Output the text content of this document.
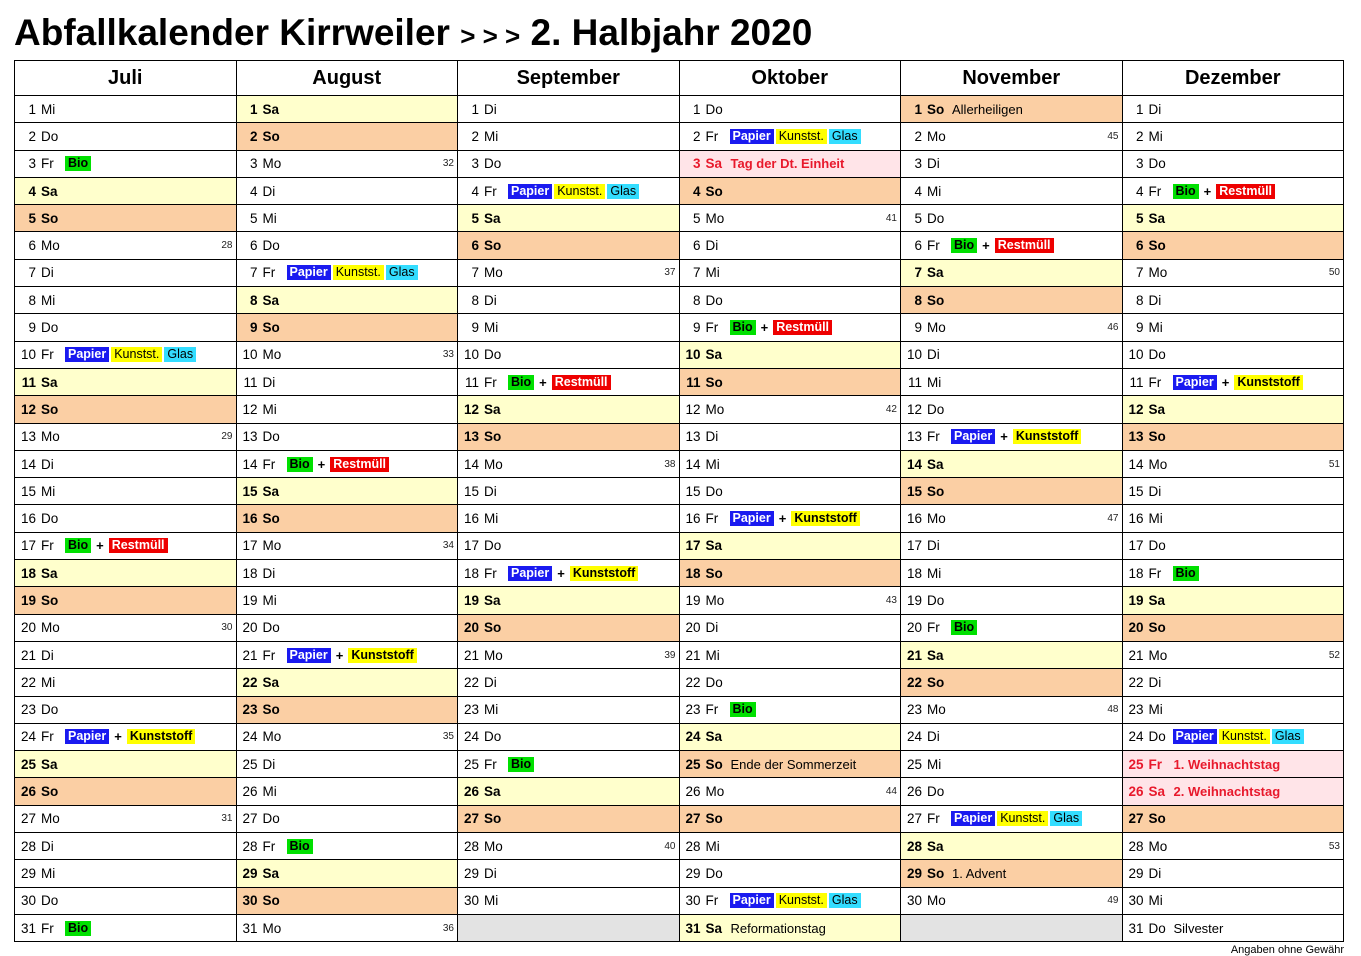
Abfallkalender Kirrweiler > > > 2. Halbjahr 2020
Juli	August	September	Oktober	November	Dezember

1 Mi	1 Sa	1 Di	1 Do	1 So Allerheiligen	1 Di

2 Do	2 So	2 Mi	2 Fr Papier Kunstst. Glas	2 Mo 45	2 Mi

3 Fr Bio	3 Mo 32	3 Do	3 Sa Tag der Dt. Einheit	3 Di	3 Do

4 Sa	4 Di	4 Fr Papier Kunstst. Glas	4 So	4 Mi	4 Fr Bio + Restmüll

5 So	5 Mi	5 Sa	5 Mo 41	5 Do	5 Sa

6 Mo 28	6 Do	6 So	6 Di	6 Fr Bio + Restmüll	6 So

7 Di	7 Fr Papier Kunstst. Glas	7 Mo 37	7 Mi	7 Sa	7 Mo 50

8 Mi	8 Sa	8 Di	8 Do	8 So	8 Di

9 Do	9 So	9 Mi	9 Fr Bio + Restmüll	9 Mo 46	9 Mi

10 Fr Papier Kunstst. Glas	10 Mo 33	10 Do	10 Sa	10 Di	10 Do

11 Sa	11 Di	11 Fr Bio + Restmüll	11 So	11 Mi	11 Fr Papier + Kunststoff

12 So	12 Mi	12 Sa	12 Mo 42	12 Do	12 Sa

13 Mo 29	13 Do	13 So	13 Di	13 Fr Papier + Kunststoff	13 So

14 Di	14 Fr Bio + Restmüll	14 Mo 38	14 Mi	14 Sa	14 Mo 51

15 Mi	15 Sa	15 Di	15 Do	15 So	15 Di

16 Do	16 So	16 Mi	16 Fr Papier + Kunststoff	16 Mo 47	16 Mi

17 Fr Bio + Restmüll	17 Mo 34	17 Do	17 Sa	17 Di	17 Do

18 Sa	18 Di	18 Fr Papier + Kunststoff	18 So	18 Mi	18 Fr Bio

19 So	19 Mi	19 Sa	19 Mo 43	19 Do	19 Sa

20 Mo 30	20 Do	20 So	20 Di	20 Fr Bio	20 So

21 Di	21 Fr Papier + Kunststoff	21 Mo 39	21 Mi	21 Sa	21 Mo 52

22 Mi	22 Sa	22 Di	22 Do	22 So	22 Di

23 Do	23 So	23 Mi	23 Fr Bio	23 Mo 48	23 Mi

24 Fr Papier + Kunststoff	24 Mo 35	24 Do	24 Sa	24 Di	24 Do Papier Kunstst. Glas

25 Sa	25 Di	25 Fr Bio	25 So Ende der Sommerzeit	25 Mi	25 Fr 1. Weihnachtstag

26 So	26 Mi	26 Sa	26 Mo 44	26 Do	26 Sa 2. Weihnachtstag

27 Mo 31	27 Do	27 So	27 So	27 Fr Papier Kunstst. Glas	27 So

28 Di	28 Fr Bio	28 Mo 40	28 Mi	28 Sa	28 Mo 53

29 Mi	29 Sa	29 Di	29 Do	29 So 1. Advent	29 Di

30 Do	30 So	30 Mi	30 Fr Papier Kunstst. Glas	30 Mo 49	30 Mi

31 Fr Bio	31 Mo 36		31 Sa Reformationstag		31 Do Silvester
Angaben ohne Gewähr
